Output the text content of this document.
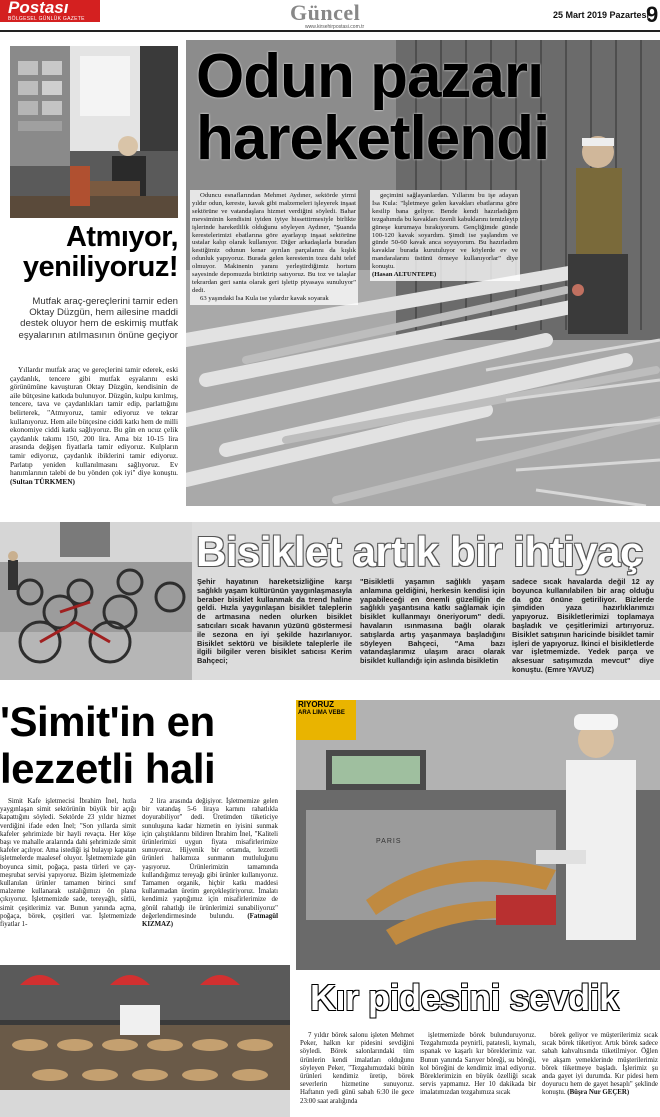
Postası
BÖLGESEL GÜNLÜK GAZETE	Güncel
www.kirsehirpostasi.com.tr
25 Mart 2019 Pazartesi
9
Odun pazarı
hareketlendi

Oduncu esnaflarından Mehmet Aydıner, sektörde yirmi yıldır odun, kereste, kavak gibi malzemeleri işleyerek inşaat sektörüne ve vatandaşlara hizmet verdiğini söyledi. Bahar mevsiminin kendisini iyiden iyiye hissettirmesiyle birlikte işlerinde hareketlilik olduğunu söyleyen Aydıner, "Şuanda kerestelerimizi ebatlarına göre ayarlayıp inşaat sektörüne ustalar kalıp olarak kullanıyor. Diğer arkadaşlarla buradan kestiğimiz odunun kenar ayrılan parçalarını da kışlık odunluk yapıyoruz. Burada gelen kerestenin tozu dahi telef olmuyor. Makinenin yanını yerleştirdiğimiz hortum sayesinde depomuzda biriktirip satıyoruz. Bu toz ve talaşlar tekrardan geri santa olarak geri işletip piyasaya sunuluyor" dedi.

63 yaşındaki İsa Kula ise yılardır kavak soyarak

geçimini sağlayanlardan. Yıllarını bu işe adayan İsa Kula: "İşletmeye gelen kavakları ebatlarına göre kesilip bana geliyor. Bende kendi hazırladığım tezgahımda bu kavakları özenli kabuklarını temizleyip güneşe kurumaya bırakıyorum. Gençliğimde günde 100-120 kavak soyardım. Şimdi ise yaşlandım ve günde 50-60 kavak anca soyuyorum. Bu hazırladım kavaklar burada kurutuluyor ve köylerde ev ve mandaralarını üstünü örmeye kullanıyorlar" diye konuştu.

(Hasan ALTUNTEPE)
Atmıyor,
yeniliyoruz!
Mutfak araç-gereçlerini tamir eden Oktay Düzgün, hem ailesine maddi destek oluyor hem de eskimiş mutfak eşyalarının atılmasının önüne geçiyor

Yıllardır mutfak araç ve gereçlerini tamir ederek, eski çaydanlık, tencere gibi mutfak eşyalarını eski görünümüne kavuşturan Oktay Düzgün, kendisinin de aile bütçesine katkıda bulunuyor. Düzgün, kulpu kırılmış, tencere, tava ve çaydanlıkları tamir edip, parlattığını belirterek, "Atmıyoruz, tamir ediyoruz ve tekrar kullanıyoruz. Hem aile bütçesine ciddi katkı hem de milli ekonomiye ciddi katkı sağlıyoruz. Bu gün en ucuz çelik çaydanlık takımı 150, 200 lira. Ama biz 10-15 lira arasında değişen fiyatlarla tamir ediyoruz. Kulpların tamir ediyoruz, çaydanlık ibiklerini tamir ediyoruz. Parlatıp yeniden kullanılmasını sağlıyoruz. Ev hanımlarının talebi de bu yönden çok iyi" diye konuştu. (Sultan TÜRKMEN)

Bisiklet artık bir ihtiyaç
Şehir hayatının hareketsizliğine karşı sağlıklı yaşam kültürünün yaygınlaşmasıyla beraber bisiklet kullanmak da trend haline geldi. Hızla yaygınlaşan bisiklet taleplerin de artmasına neden olurken bisiklet satıcıları sıcak havanın yüzünü göstermesi ile sezona en iyi şekilde hazırlanıyor. Bisiklet sektörü ve bisiklete taleplerle ile ilgili bilgiler veren bisiklet satıcısı Kerim Bahçeci;
"Bisikletli yaşamın sağlıklı yaşam anlamına geldiğini, herkesin kendisi için yapabileceği en önemli güzelliğin de sağlıklı yaşantısına katkı sağlamak için bisiklet kullanmayı öneriyorum" dedi. havaların ısınmasına bağlı olarak satışlarda artış yaşanmaya başladığını söyleyen Bahçeci, "Ama bazı vatandaşlarımız ulaşım aracı olarak bisiklet kullandığı için aslında bisikletin
sadece sıcak havalarda değil 12 ay boyunca kullanılabilen bir araç olduğu da göz önüne getiriliyor. Bizlerde şimdiden yaza hazırlıklarımızı yapıyoruz. Bisikletlerimizi toplamaya başladık ve çeşitlerimizi artırıyoruz. Bisiklet satışının haricinde bisiklet tamir işleri de yapıyoruz. İkinci el bisikletlerde var işletmemizde. Yedek parça ve aksesuar satışımızda mevcut" diye konuştu. (Emre YAVUZ)
'Simit'in en
lezzetli hali

Simit Kafe işletmecisi İbrahim İnel, hızla yaygınlaşan simit sektörünün büyük bir açığı kapattığını söyledi. Sektörde 23 yıldır hizmet verdiğini ifade eden İnel; "Son yıllarda simit kafeler şehrimizde bir hayli revaçta. Her köşe başı ve mahalle aralarında dahi şehrimizde simit kafeler açılıyor. Ama istediği işi bulayıp kapatan işletmelerde maalesef oluyor. İşletmemizde gün boyunca simit, poğaça, pasta türleri ve çay-meşrubat servisi yapıyoruz. Bizim işletmemizde kullanılan ürünler tamamen birinci sınıf malzeme kullanarak ustalığımızı ön plana çıkıyoruz. İşletmemizde sade, tereyağlı, sütlü, simit çeşitlerimiz var. Bunun yanında açma, poğaça, börek, çeşitleri var. İşletmemizde fiyatlar 1-

2 lira arasında değişiyor. İşletmemize gelen bir vatandaş 5-6 liraya karnını rahatlıkla doyurabiliyor" dedi. Üretimden tüketiciye sunuluşuna kadar hizmetin en iyisini sunmak için çalıştıklarını bildiren İbrahim İnel, "Kaliteli ürünlerimizi uygun fiyata misafirlerimize sunuyoruz. Hijyenik bir ortamda, lezzetli ürünleri halkımıza sunmanın mutluluğunu yaşıyoruz. Ürünlerimizin tamamında kullandığımız tereyağı gibi ürünler kullanıyoruz. Tamamen organik, hiçbir katkı maddesi kullanmadan üretim gerçekleştiriyoruz. İmalatı kendimiz yaptığımız için misafirlerimize de gönül rahatlığı ile ürünlerimizi sunabiliyoruz" değerlendirmesinde bulundu. (Fatmagül KIZMAZ)

RIYORUZ
ARA LIMA VEBE
PARIS
Kır pidesini sevdik

7 yıldır börek salonu işleten Mehmet Peker, halkın kır pidesini sevdiğini söyledi. Börek salonlarındaki tüm ürünlerin kendi imalatları olduğunu söyleyen Peker, "Tezgahımızdaki bütün ürünleri kendimiz üretip, börek severlerin hizmetine sunuyoruz. Haftanın yedi günü sabah 6:30 ile gece 23:00 saat aralığında

işletmemizde börek bulunduruyoruz. Tezgahımızda peynirli, patatesli, kıymalı, ıspanak ve kaşarlı kır böreklerimiz var. Bunun yanında Sarıyer böreği, su böreği, kol böreğini de kendimiz imal ediyoruz. Böreklerimizin en büyük özelliği sıcak servis yapmamız. Her 10 dakikada bir imalatımızdan tezgahımıza sıcak

börek geliyor ve müşterilerimiz sıcak sıcak börek tüketiyor. Artık börek sadece sabah kahvaltısında tüketilmiyor. Öğlen ve akşam yemeklerinde müşterilerimiz börek tüketmeye başladı. İşlerimiz şu anda gayet iyi durumda. Kır pidesi hem doyurucu hem de gayet hesaplı" şeklinde konuştu. (Büşra Nur GEÇER)
